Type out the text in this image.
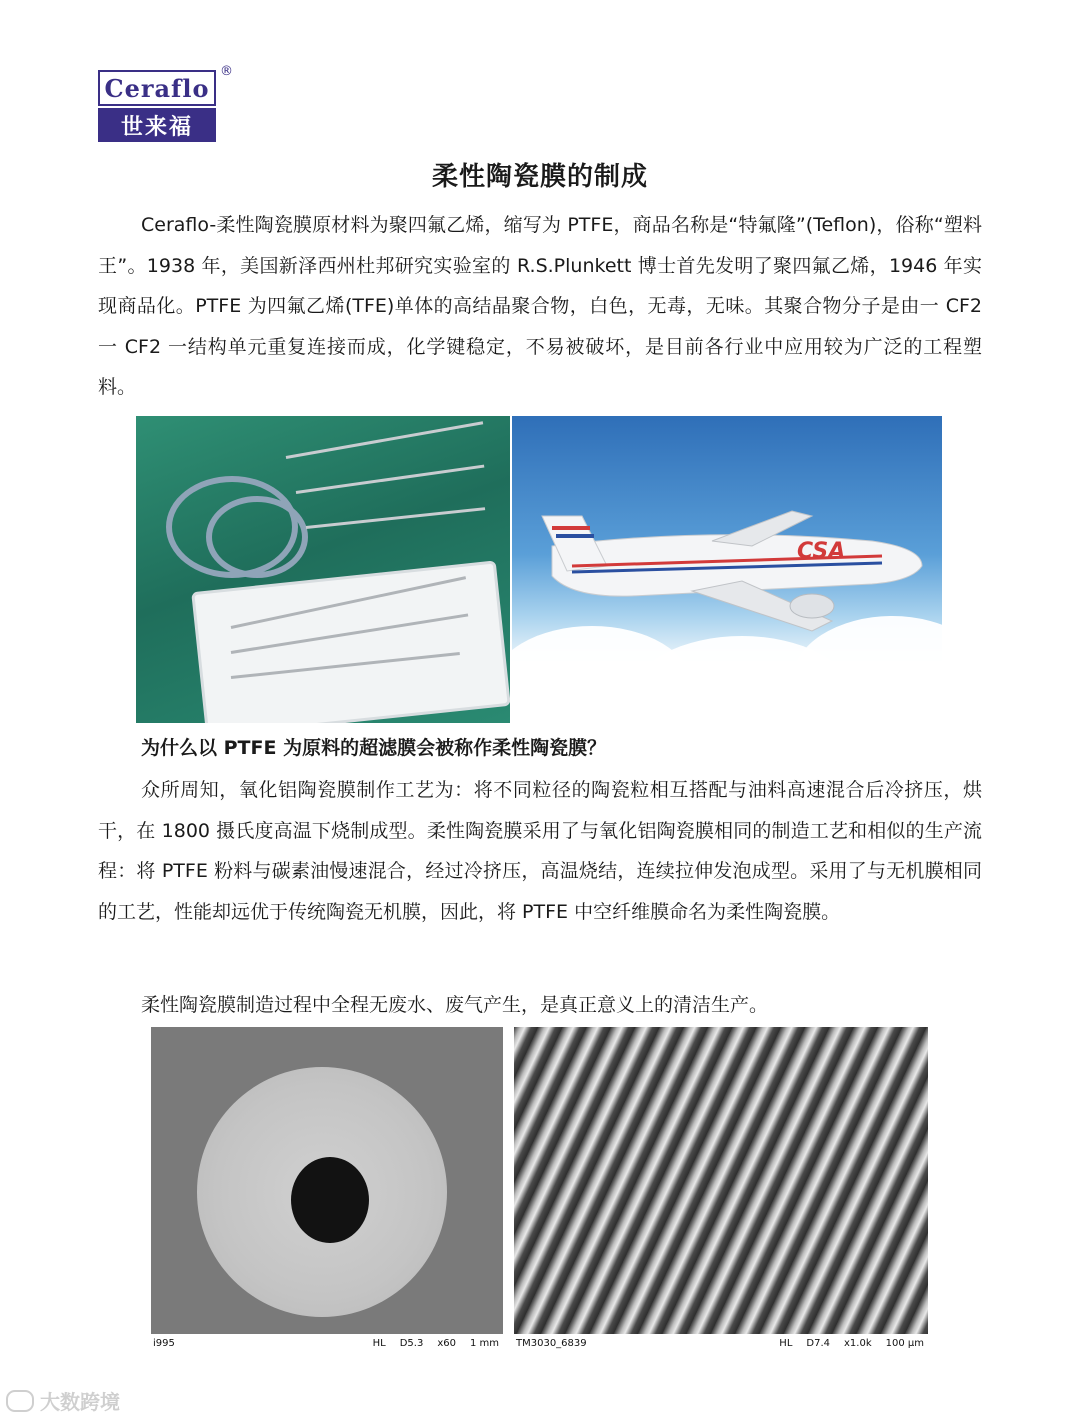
Ceraflo
世来福
®
柔性陶瓷膜的制成
Ceraflo-柔性陶瓷膜原材料为聚四氟乙烯，缩写为 PTFE，商品名称是“特氟隆”(Teflon)，俗称“塑料王”。1938 年，美国新泽西州杜邦研究实验室的 R.S.Plunkett 博士首先发明了聚四氟乙烯，1946 年实现商品化。PTFE 为四氟乙烯(TFE)单体的高结晶聚合物，白色，无毒，无味。其聚合物分子是由一 CF2 一 CF2 一结构单元重复连接而成，化学键稳定，不易被破坏，是目前各行业中应用较为广泛的工程塑料。
CSA
为什么以 PTFE 为原料的超滤膜会被称作柔性陶瓷膜？
众所周知，氧化铝陶瓷膜制作工艺为：将不同粒径的陶瓷粒相互搭配与油料高速混合后冷挤压，烘干，在 1800 摄氏度高温下烧制成型。柔性陶瓷膜采用了与氧化铝陶瓷膜相同的制造工艺和相似的生产流程：将 PTFE 粉料与碳素油慢速混合，经过冷挤压，高温烧结，连续拉伸发泡成型。采用了与无机膜相同的工艺，性能却远优于传统陶瓷无机膜，因此，将 PTFE 中空纤维膜命名为柔性陶瓷膜。
柔性陶瓷膜制造过程中全程无废水、废气产生，是真正意义上的清洁生产。
i995	HL D5.3 x60 1 mm TM3030_6839	HL D7.4 x1.0k 100 μm
大数跨境
